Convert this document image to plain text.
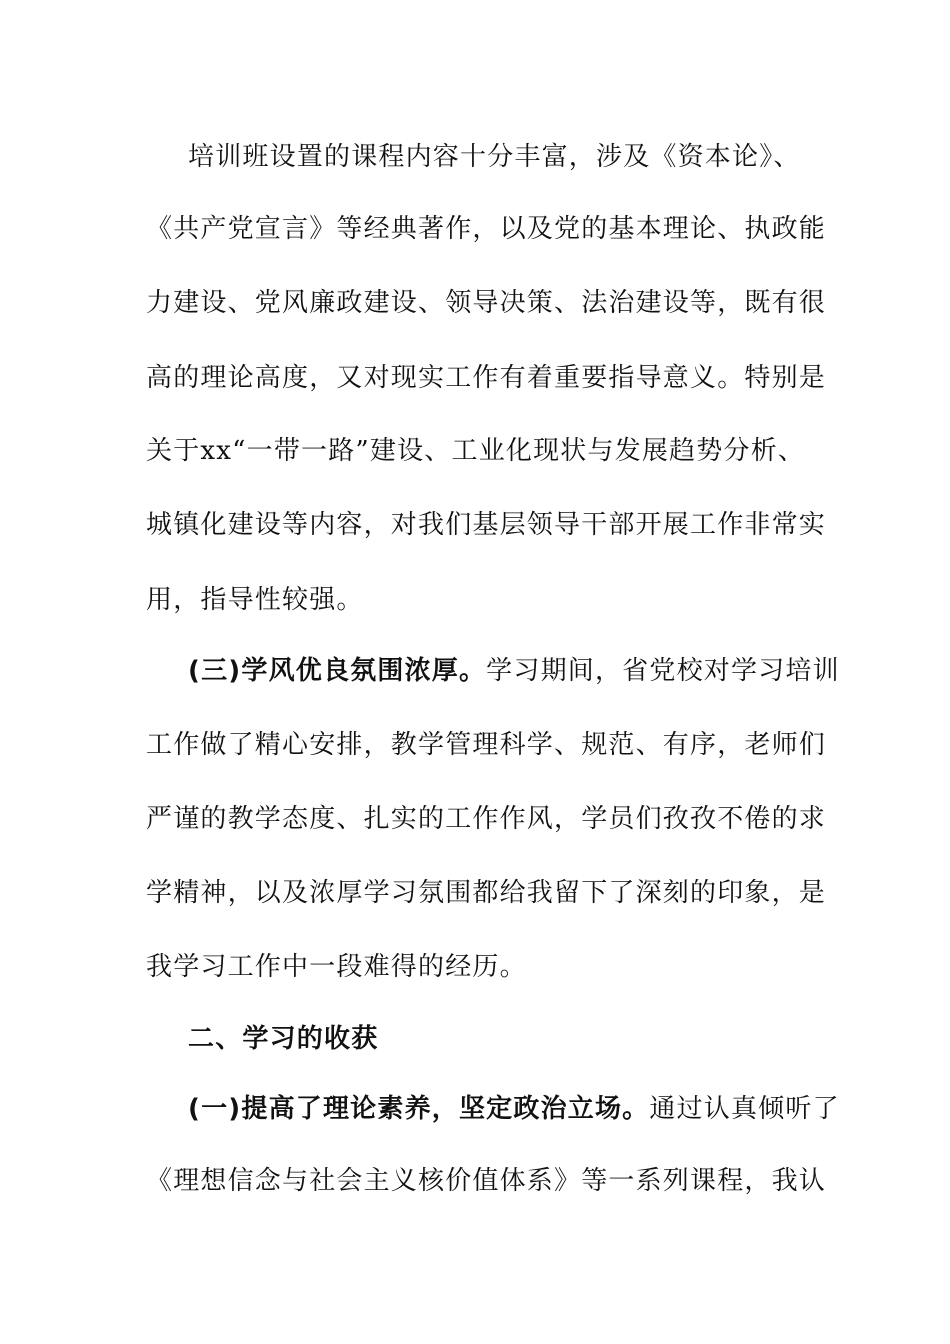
培训班设置的课程内容十分丰富，涉及《资本论》、
《共产党宣言》等经典著作，以及党的基本理论、执政能
力建设、党风廉政建设、领导决策、法治建设等，既有很
高的理论高度，又对现实工作有着重要指导意义。特别是
关于xx“一带一路”建设、工业化现状与发展趋势分析、
城镇化建设等内容，对我们基层领导干部开展工作非常实
用，指导性较强。
(三)学风优良氛围浓厚。学习期间，省党校对学习培训
工作做了精心安排，教学管理科学、规范、有序，老师们
严谨的教学态度、扎实的工作作风，学员们孜孜不倦的求
学精神，以及浓厚学习氛围都给我留下了深刻的印象，是
我学习工作中一段难得的经历。
二、学习的收获
(一)提高了理论素养，坚定政治立场。通过认真倾听了
《理想信念与社会主义核价值体系》等一系列课程，我认
